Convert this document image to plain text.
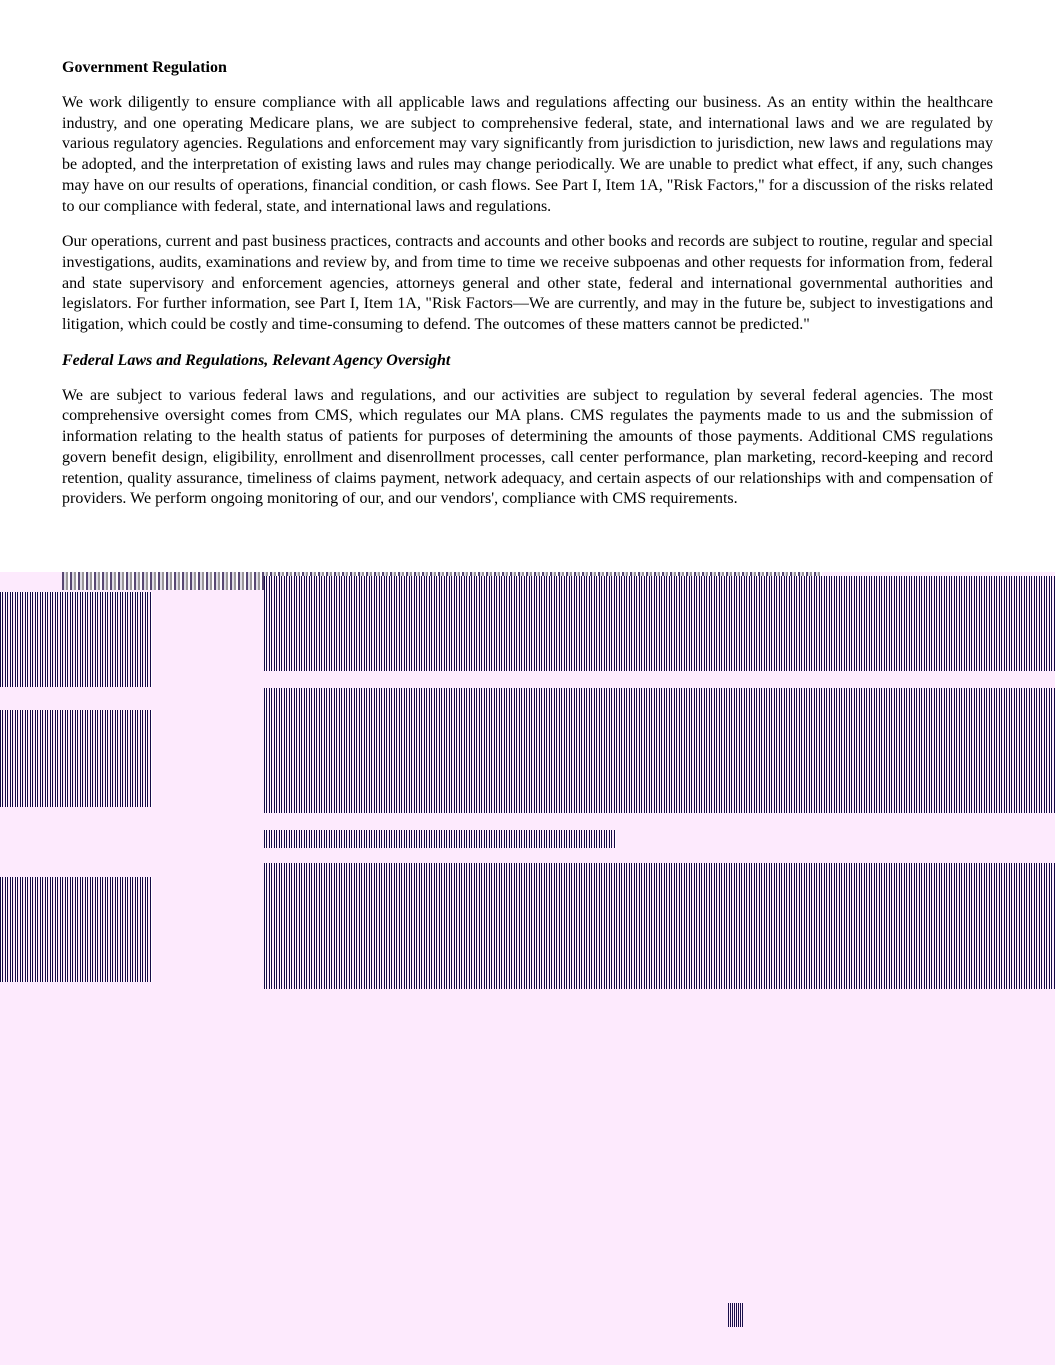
Government Regulation

We work diligently to ensure compliance with all applicable laws and regulations affecting our business. As an entity within the healthcare industry, and one operating Medicare plans, we are subject to comprehensive federal, state, and international laws and we are regulated by various regulatory agencies. Regulations and enforcement may vary significantly from jurisdiction to jurisdiction, new laws and regulations may be adopted, and the interpretation of existing laws and rules may change periodically. We are unable to predict what effect, if any, such changes may have on our results of operations, financial condition, or cash flows. See Part I, Item 1A, "Risk Factors," for a discussion of the risks related to our compliance with federal, state, and international laws and regulations.

Our operations, current and past business practices, contracts and accounts and other books and records are subject to routine, regular and special investigations, audits, examinations and review by, and from time to time we receive subpoenas and other requests for information from, federal and state supervisory and enforcement agencies, attorneys general and other state, federal and international governmental authorities and legislators. For further information, see Part I, Item 1A, "Risk Factors—We are currently, and may in the future be, subject to investigations and litigation, which could be costly and time-consuming to defend. The outcomes of these matters cannot be predicted."

Federal Laws and Regulations, Relevant Agency Oversight

We are subject to various federal laws and regulations, and our activities are subject to regulation by several federal agencies. The most comprehensive oversight comes from CMS, which regulates our MA plans. CMS regulates the payments made to us and the submission of information relating to the health status of patients for purposes of determining the amounts of those payments. Additional CMS regulations govern benefit design, eligibility, enrollment and disenrollment processes, call center performance, plan marketing, record-keeping and record retention, quality assurance, timeliness of claims payment, network adequacy, and certain aspects of our relationships with and compensation of providers. We perform ongoing monitoring of our, and our vendors', compliance with CMS requirements.
